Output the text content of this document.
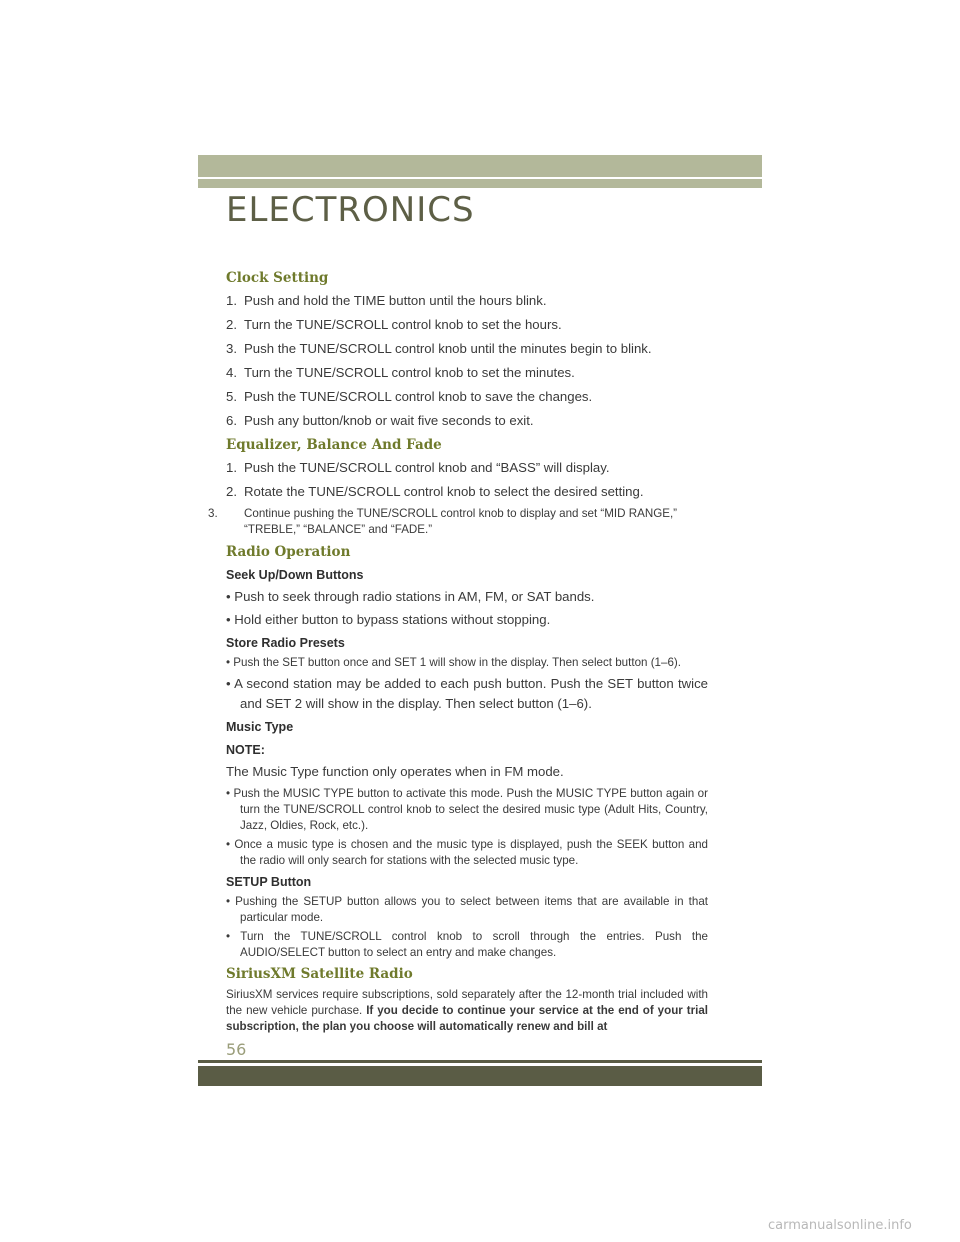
ELECTRONICS
Clock Setting
1. Push and hold the TIME button until the hours blink.
2. Turn the TUNE/SCROLL control knob to set the hours.
3. Push the TUNE/SCROLL control knob until the minutes begin to blink.
4. Turn the TUNE/SCROLL control knob to set the minutes.
5. Push the TUNE/SCROLL control knob to save the changes.
6. Push any button/knob or wait five seconds to exit.
Equalizer, Balance And Fade
1. Push the TUNE/SCROLL control knob and “BASS” will display.
2. Rotate the TUNE/SCROLL control knob to select the desired setting.
3. Continue pushing the TUNE/SCROLL control knob to display and set “MID RANGE,” “TREBLE,” “BALANCE” and “FADE.”
Radio Operation
Seek Up/Down Buttons
• Push to seek through radio stations in AM, FM, or SAT bands.
• Hold either button to bypass stations without stopping.
Store Radio Presets
• Push the SET button once and SET 1 will show in the display. Then select button (1–6).
• A second station may be added to each push button. Push the SET button twice and SET 2 will show in the display. Then select button (1–6).
Music Type
NOTE:
The Music Type function only operates when in FM mode.
• Push the MUSIC TYPE button to activate this mode. Push the MUSIC TYPE button again or turn the TUNE/SCROLL control knob to select the desired music type (Adult Hits, Country, Jazz, Oldies, Rock, etc.).
• Once a music type is chosen and the music type is displayed, push the SEEK button and the radio will only search for stations with the selected music type.
SETUP Button
• Pushing the SETUP button allows you to select between items that are available in that particular mode.
• Turn the TUNE/SCROLL control knob to scroll through the entries. Push the AUDIO/SELECT button to select an entry and make changes.
SiriusXM Satellite Radio
SiriusXM services require subscriptions, sold separately after the 12-month trial included with the new vehicle purchase. If you decide to continue your service at the end of your trial subscription, the plan you choose will automatically renew and bill at
56
carmanualsonline.info
